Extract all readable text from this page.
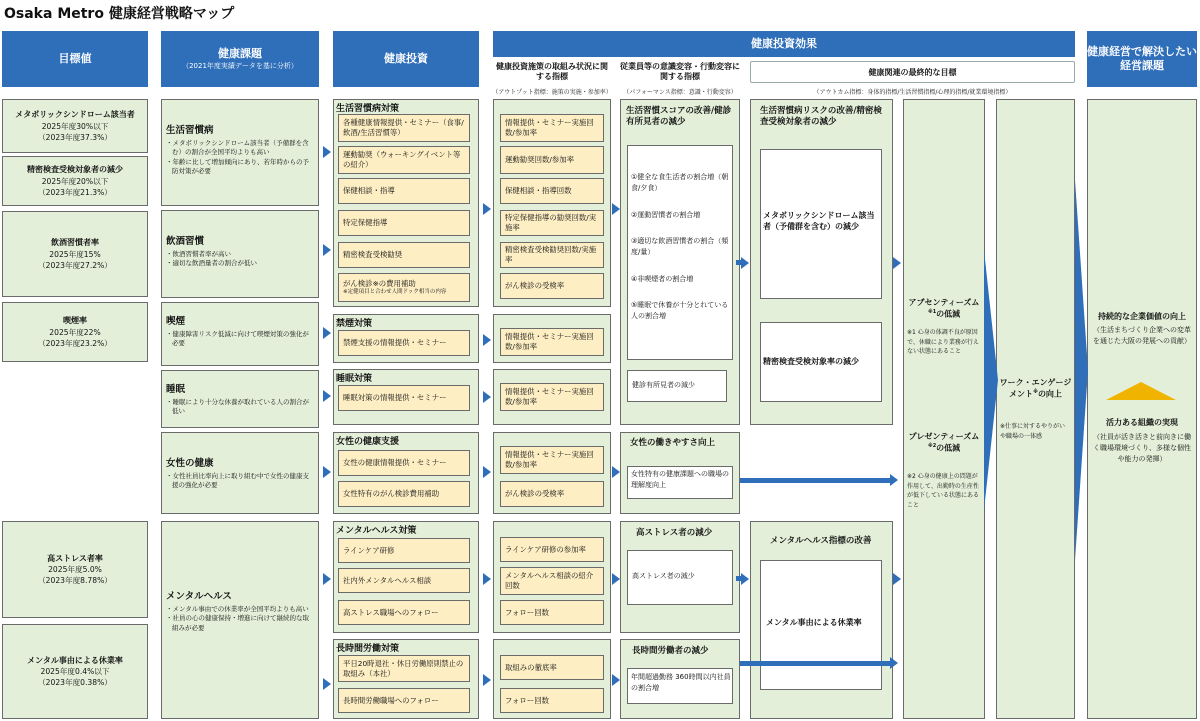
Osaka Metro 健康経営戦略マップ
目標値	健康課題
（2021年度実績データを基に分析）
健康投資
健康投資効果
健康経営で解決したい経営課題
健康投資施策の取組み状況に関する指標
（アウトプット指標：施策の実施・参加率）
従業員等の意識変容・行動変容に関する指標
（パフォーマンス指標：意識・行動変容）
健康関連の最終的な目標
（アウトカム指標：身体的指標/生活習慣指標/心理的指標/就業環境指標）
メタボリックシンドローム該当者
2025年度30%以下
（2023年度37.3%）
精密検査受検対象者の減少
2025年度20%以下
（2023年度21.3%）
飲酒習慣者率
2025年度15%
（2023年度27.2%）
喫煙率
2025年度22%
（2023年度23.2%）
高ストレス者率
2025年度5.0%
（2023年度8.78%）
メンタル事由による休業率
2025年度0.4%以下
（2023年度0.38%）
生活習慣病
・メタボリックシンドローム該当者（予備群を含む）の割合が全国平均よりも高い
・年齢に比して増加傾向にあり、若年時からの予防対策が必要
飲酒習慣
・飲酒習慣者率が高い
・適切な飲酒量者の割合が低い
喫煙
・健康障害リスク低減に向けて喫煙対策の強化が必要
睡眠
・睡眠により十分な休養が取れている人の割合が低い
女性の健康
・女性社員比率向上に取り組む中で女性の健康支援の強化が必要
メンタルヘルス
・メンタル事由での休業率が全国平均よりも高い
・社員の心の健康保持・増進に向けて継続的な取組みが必要
生活習慣病対策
各種健康情報提供・セミナー（食事/飲酒/生活習慣等）
運動勧奨（ウォーキングイベント等の紹介）
保健相談・指導
特定保健指導
精密検査受検勧奨
がん検診※の費用補助
※定健項目と合わせ人間ドック相当の内容
禁煙対策
禁煙支援の情報提供・セミナー
睡眠対策
睡眠対策の情報提供・セミナー
女性の健康支援
女性の健康情報提供・セミナー
女性特有のがん検診費用補助
メンタルヘルス対策
ラインケア研修
社内外メンタルヘルス相談
高ストレス職場へのフォロー
長時間労働対策
平日20時退社・休日労働原則禁止の取組み（本社）
長時間労働職場へのフォロー
情報提供・セミナー実施回数/参加率
運動勧奨回数/参加率
保健相談・指導回数
特定保健指導の勧奨回数/実施率
精密検査受検勧奨回数/実施率
がん検診の受検率
情報提供・セミナー実施回数/参加率
情報提供・セミナー実施回数/参加率
情報提供・セミナー実施回数/参加率
がん検診の受検率
ラインケア研修の参加率
メンタルヘルス相談の紹介回数
フォロー回数
取組みの徹底率
フォロー回数
生活習慣スコアの改善/健診有所見者の減少
①健全な食生活者の割合増（朝食/夕食）
②運動習慣者の割合増
③適切な飲酒習慣者の割合（頻度/量）
④非喫煙者の割合増
⑤睡眠で休養が十分とれている人の割合増
健診有所見者の減少
女性の働きやすさ向上
女性特有の健康課題への職場の理解度向上
高ストレス者の減少
高ストレス者の減少
長時間労働者の減少
年間超過勤務 360時間以内社員の割合増
生活習慣病リスクの改善/精密検査受検対象者の減少
メタボリックシンドローム該当者（予備群を含む）の減少
精密検査受検対象率の減少
メンタルヘルス指標の改善
メンタル事由による休業率
アブセンティーズム$^{※1}$の低減
※1 心身の体調不良が原因で、休職により業務が行えない状態にあること
プレゼンティーズム$^{※2}$の低減
※2 心身の健康上の問題が作用して、出勤時の生産性が低下している状態にあること
ワーク・エンゲージメント※の向上
※仕事に対するやりがいや職場の一体感
持続的な企業価値の向上
（生活まちづくり企業への変革を通じた大阪の発展への貢献）
活力ある組織の実現
（社員が活き活きと前向きに働く職場環境づくり、多様な個性や能力の発揮）
